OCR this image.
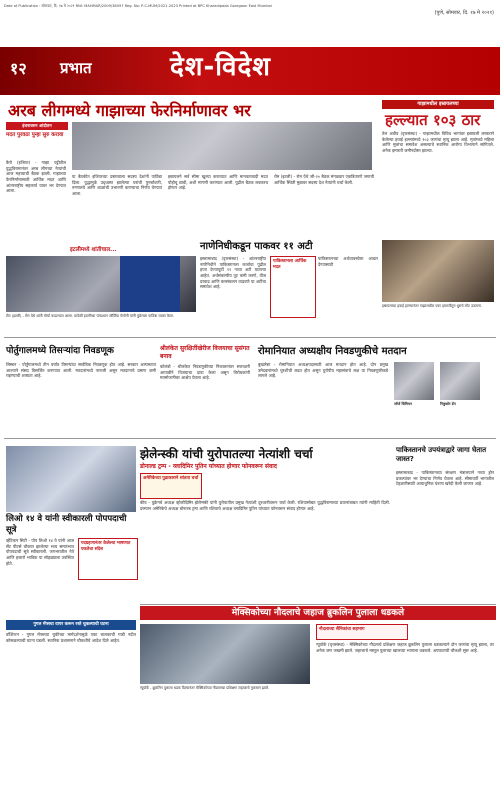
Date of Publication : सोमवार, दि. १७ मे २०२१ RNI: MAHMAR/2009/38097 Reg. No: P-C-MUM/2021-2023 Printed at BPC Kharadipada Goregaon East Mumbai
(पुणे, सोमवार, दि. १७ मे २०२१)
१२ प्रभात	देश-विदेश
अरब लीगमध्ये गाझाच्या फेरनिर्माणावर भर
इंधनावरुन आंदोलन
मदत पुरवठा पुन्हा सुरु करावा
कैरो (इजिप्त) - गाझा पट्टीतील युद्धविरामानंतर अरब लीगच्या नेत्यांची आज महत्त्वाची बैठक झाली. गाझाच्या फेरनिर्माणासाठी आर्थिक मदत आणि आंतरराष्ट्रीय सहकार्य यावर भर देण्यात आला.
या बैठकीत इजिप्तच्या प्रस्तावाला सदस्य देशांनी पाठिंबा दिला. युद्धामुळे उद्ध्वस्त झालेल्या घरांची पुनर्बांधणी, रुग्णालये आणि शाळांची उभारणी करण्याचा निर्णय घेण्यात आला.
इस्रायलने सर्व सीमा खुल्या कराव्यात आणि मानवतावादी मदत पोहोचू द्यावी, अशी मागणी करण्यात आली. पुढील बैठक लवकरच होणार आहे.
रोम (इटली) - रोम येथे जी-२० बैठक मंगळवार एकत्रितपणे जगाची आर्थिक स्थिती मुद्यावर सदस्य देश नेत्यांनी चर्चा केली.
इटलीमध्ये शांतीचाल...
रोम (इटली) - रोम येथे शांती मोर्चा काढण्यात आला. यावेळी इटलीच्या पंतप्रधान जॉर्जिया मेलोनी यांनी युक्रेनला पाठिंबा व्यक्त केला.
गाझामधील इस्रायलच्या
हल्ल्यात १०३ ठार
तेल अवीव (वृत्तसंस्था) - गाझामधील विविध भागांवर इस्रायली लष्कराने केलेल्या हवाई हल्ल्यांमध्ये १०३ जणांचा मृत्यू झाला आहे. मृतांमध्ये महिला आणि मुलांचा समावेश असल्याचे स्थानिक आरोग्य विभागाने सांगितले. अनेक इमारती जमीनदोस्त झाल्या.
इस्रायलच्या हवाई हल्ल्यानंतर गाझामधील एका इमारतीतून धुराचे लोट उठताना.
नाणेनिधीकडून पाकवर ११ अटी
इस्लामाबाद (वृत्तसंस्था) - आंतरराष्ट्रीय नाणेनिधीने पाकिस्तानला कर्जाचा पुढील हप्ता देण्यापूर्वी ११ नव्या अटी घातल्या आहेत. अर्थसंकल्पीय तूट कमी करणे, वीज दरवाढ आणि करसंकलन वाढवणे या अटींचा समावेश आहे.
पाकिस्तानला आर्थिक मदत
पाकिस्तानच्या अर्थव्यवस्थेला आधार देण्यासाठी
पोर्तुगालमध्ये तिसऱ्यांदा निवडणूक
लिस्बन - पोर्तुगालमध्ये तीन वर्षांत तिसऱ्यांदा सार्वत्रिक निवडणूक होत आहे. सरकार अल्पमतात आल्याने संसद विसर्जित करण्यात आली. मतदारांमध्ये नाराजी असून मतदानाचे प्रमाण कमी राहण्याची शक्यता आहे.
श्रीलंकेत सुरक्षितींखेरीज विजयाचा सुसंगत बनाव
कोलंबो - श्रीलंकेत निवडणुकीच्या निकालानंतर सत्ताधारी आघाडीने विजयाचा दावा केला असून विरोधकांनी मतमोजणीवर आक्षेप घेतला आहे.
रोमानियात अध्यक्षीय निवडणुकीचे मतदान
बुखारेस्ट - रोमानियात अध्यक्षपदासाठी आज मतदान होत आहे. दोन प्रमुख उमेदवारांमध्ये चुरशीची लढत होत असून युरोपीय महासंघाचे लक्ष या निवडणुकीकडे लागले आहे.
जॉर्ज सिमियन	निकुसोर डॅन
झेलेन्स्की यांची युरोपातल्या नेत्यांशी चर्चा
डोनाल्ड ट्रम्प - व्लादिमिर पुतिन यांच्यात होणार फोनवरून संवाद
अमेरिकेच्या पुढाकाराने शांतता चर्चा
कीव - युक्रेनचे अध्यक्ष व्होलोदिमिर झेलेन्स्की यांनी युरोपातील प्रमुख नेत्यांशी दूरध्वनीवरून चर्चा केली. रशियासोबत युद्धविरामाच्या प्रयत्नांबाबत त्यांनी माहिती दिली. दरम्यान अमेरिकेचे अध्यक्ष डोनाल्ड ट्रम्प आणि रशियाचे अध्यक्ष व्लादिमिर पुतिन यांच्यात फोनवरून संवाद होणार आहे.
लिओ १४ वे यांनी स्वीकारली पोपपदाची सूत्रे
व्हॅटिकन सिटी - पोप लिओ १४ वे यांनी आज सेंट पीटर्स चौकात झालेल्या भव्य समारंभात पोपपदाची सूत्रे स्वीकारली. जगभरातील नेते आणि हजारो भाविक या सोहळ्याला उपस्थित होते.
पदग्रहणानंतर केलेल्या भाषणात एकतेचा संदेश
पाकिस्तानचे उपयंत्राद्वारे जागा घेतात जास्त?
इस्लामाबाद - पाकिस्तानच्या संरक्षण मंत्रालयाने नव्या ड्रोन प्रकल्पांवर भर देण्याचा निर्णय घेतला आहे. सीमावर्ती भागातील टेहळणीसाठी अत्याधुनिक यंत्रणा खरेदी केली जाणार आहे.
गुगल मॅप्सचा वापर करून रस्ते चुकल्याची घटना
वॉशिंग्टन - गुगल मॅप्सच्या चुकीच्या मार्गदर्शनामुळे एका चालकाची गाडी नदीत कोसळल्याची घटना घडली. स्थानिक प्रशासनाने चौकशीचे आदेश दिले आहेत.
मेक्सिकोच्या नौदलाचे जहाज ब्रुकलिन पुलाला धडकले
न्यूयॉर्क - ब्रुकलिन पुलाला धडक दिल्यानंतर मेक्सिकोच्या नौदलाच्या प्रशिक्षण जहाजाचे नुकसान झाले.
नौदलाच्या सैनिकांचा सहभाग
न्यूयॉर्क (वृत्तसंस्था) - मेक्सिकोच्या नौदलाचे प्रशिक्षण जहाज ब्रुकलिन पुलाला धडकल्याने दोन जणांचा मृत्यू झाला, तर अनेक जण जखमी झाले. जहाजाचे मस्तूल पुलाच्या खालच्या भागाला धडकले. अपघाताची चौकशी सुरू आहे.
